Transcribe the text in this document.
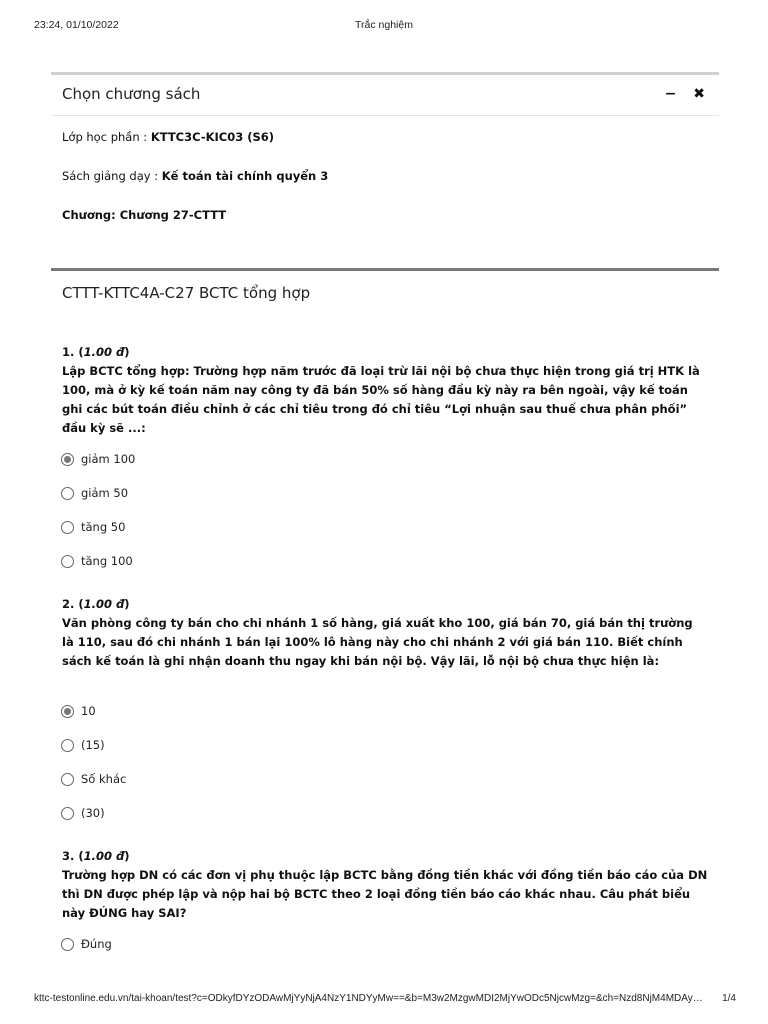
23:24, 01/10/2022	Trắc nghiệm
Chọn chương sách	− ✖
Lớp học phần : KTTC3C-KIC03 (S6)
Sách giảng dạy : Kế toán tài chính quyển 3
Chương: Chương 27-CTTT
CTTT-KTTC4A-C27 BCTC tổng hợp
1. (1.00 đ)
Lập BCTC tổng hợp: Trường hợp năm trước đã loại trừ lãi nội bộ chưa thực hiện trong giá trị HTK là 100, mà ở kỳ kế toán năm nay công ty đã bán 50% số hàng đầu kỳ này ra bên ngoài, vậy kế toán ghi các bút toán điều chỉnh ở các chỉ tiêu trong đó chỉ tiêu “Lợi nhuận sau thuế chưa phân phối” đầu kỳ sẽ ...:
giảm 100
giảm 50
tăng 50
tăng 100
2. (1.00 đ)
Văn phòng công ty bán cho chi nhánh 1 số hàng, giá xuất kho 100, giá bán 70, giá bán thị trường là 110, sau đó chi nhánh 1 bán lại 100% lô hàng này cho chi nhánh 2 với giá bán 110. Biết chính sách kế toán là ghi nhận doanh thu ngay khi bán nội bộ. Vậy lãi, lỗ nội bộ chưa thực hiện là:
10
(15)
Số khác
(30)
3. (1.00 đ)
Trường hợp DN có các đơn vị phụ thuộc lập BCTC bằng đồng tiền khác với đồng tiền báo cáo của DN thì DN được phép lập và nộp hai bộ BCTC theo 2 loại đồng tiền báo cáo khác nhau. Câu phát biểu này ĐÚNG hay SAI?
Đúng
kttc-testonline.edu.vn/tai-khoan/test?c=ODkyfDYzODAwMjYyNjA4NzY1NDYyMw==&b=M3w2MzgwMDI2MjYwODc5NjcwMzg=&ch=Nzd8NjM4MDAy…	1/4
